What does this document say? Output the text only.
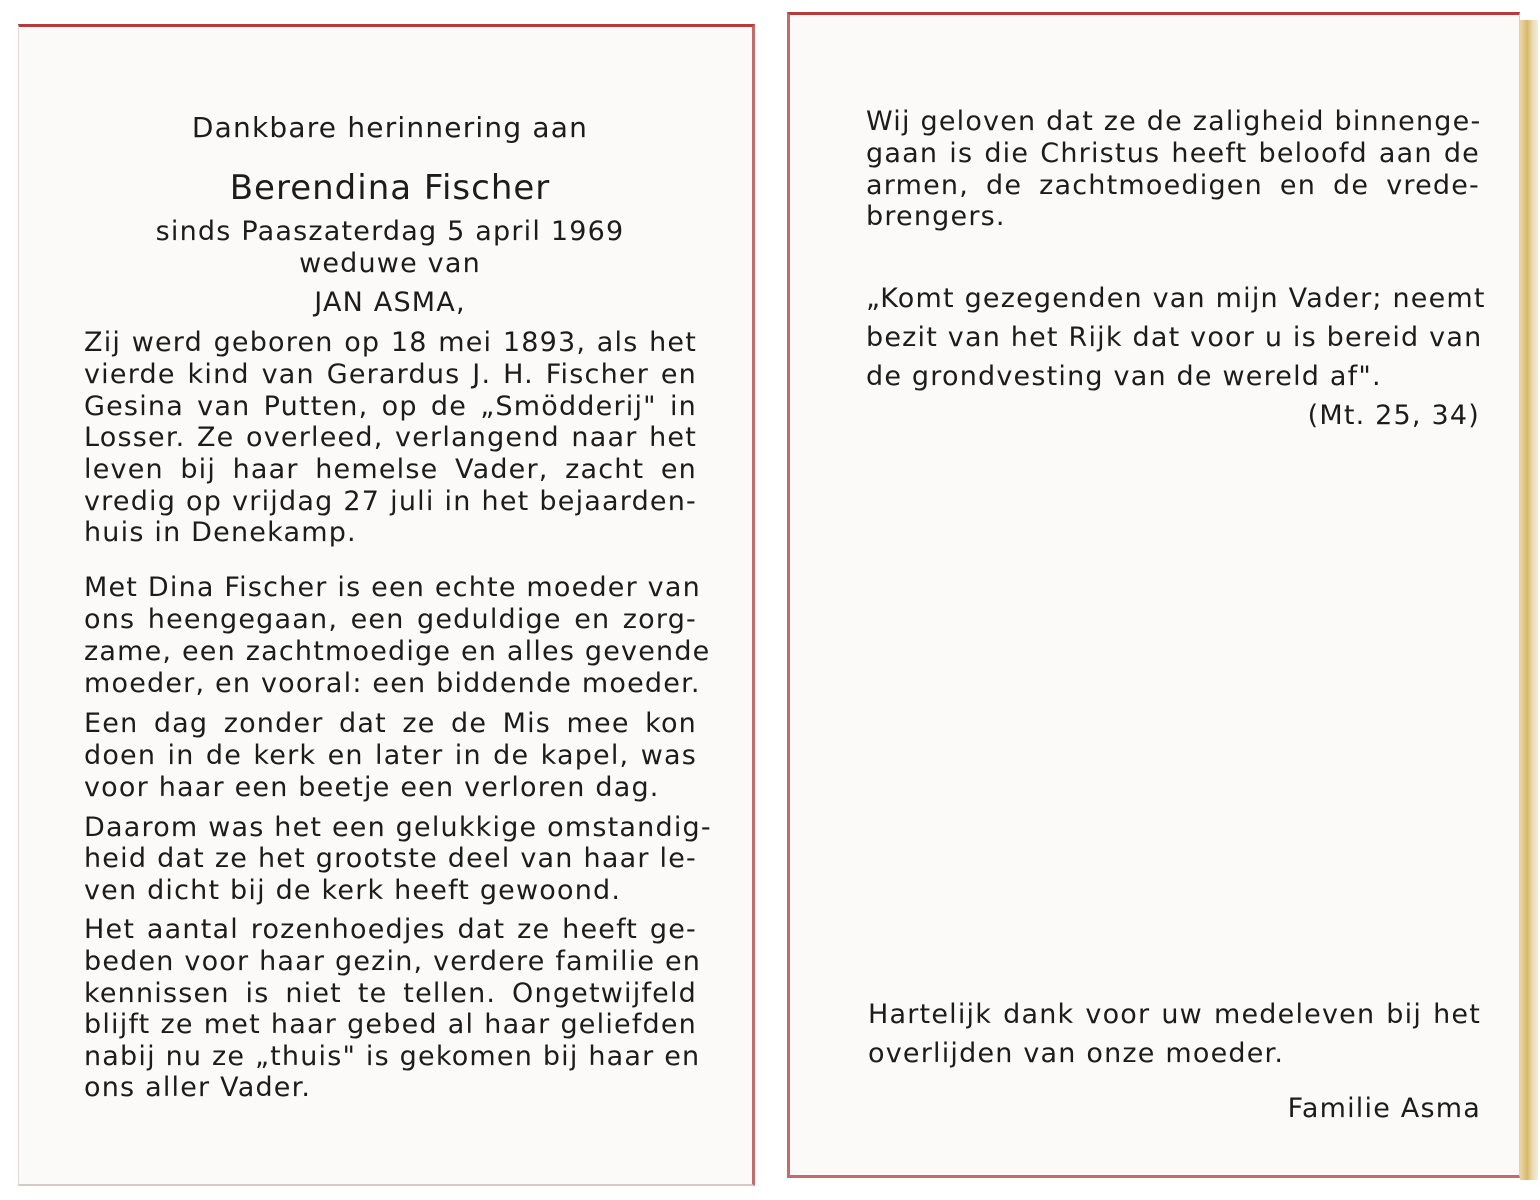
Dankbare herinnering aan
Berendina Fischer
sinds Paaszaterdag 5 april 1969
weduwe van
JAN ASMA,
Zij werd geboren op 18 mei 1893, als het
vierde kind van Gerardus J. H. Fischer en
Gesina van Putten, op de „Smödderij" in
Losser. Ze overleed, verlangend naar het
leven bij haar hemelse Vader, zacht en
vredig op vrijdag 27 juli in het bejaarden-
huis in Denekamp.
Met Dina Fischer is een echte moeder van
ons heengegaan, een geduldige en zorg-
zame, een zachtmoedige en alles gevende
moeder, en vooral: een biddende moeder.
Een dag zonder dat ze de Mis mee kon
doen in de kerk en later in de kapel, was
voor haar een beetje een verloren dag.
Daarom was het een gelukkige omstandig-
heid dat ze het grootste deel van haar le-
ven dicht bij de kerk heeft gewoond.
Het aantal rozenhoedjes dat ze heeft ge-
beden voor haar gezin, verdere familie en
kennissen is niet te tellen. Ongetwijfeld
blijft ze met haar gebed al haar geliefden
nabij nu ze „thuis" is gekomen bij haar en
ons aller Vader.
Wij geloven dat ze de zaligheid binnenge-
gaan is die Christus heeft beloofd aan de
armen, de zachtmoedigen en de vrede-
brengers.
„Komt gezegenden van mijn Vader; neemt
bezit van het Rijk dat voor u is bereid van
de grondvesting van de wereld af".
(Mt. 25, 34)
Hartelijk dank voor uw medeleven bij het
overlijden van onze moeder.
Familie Asma
